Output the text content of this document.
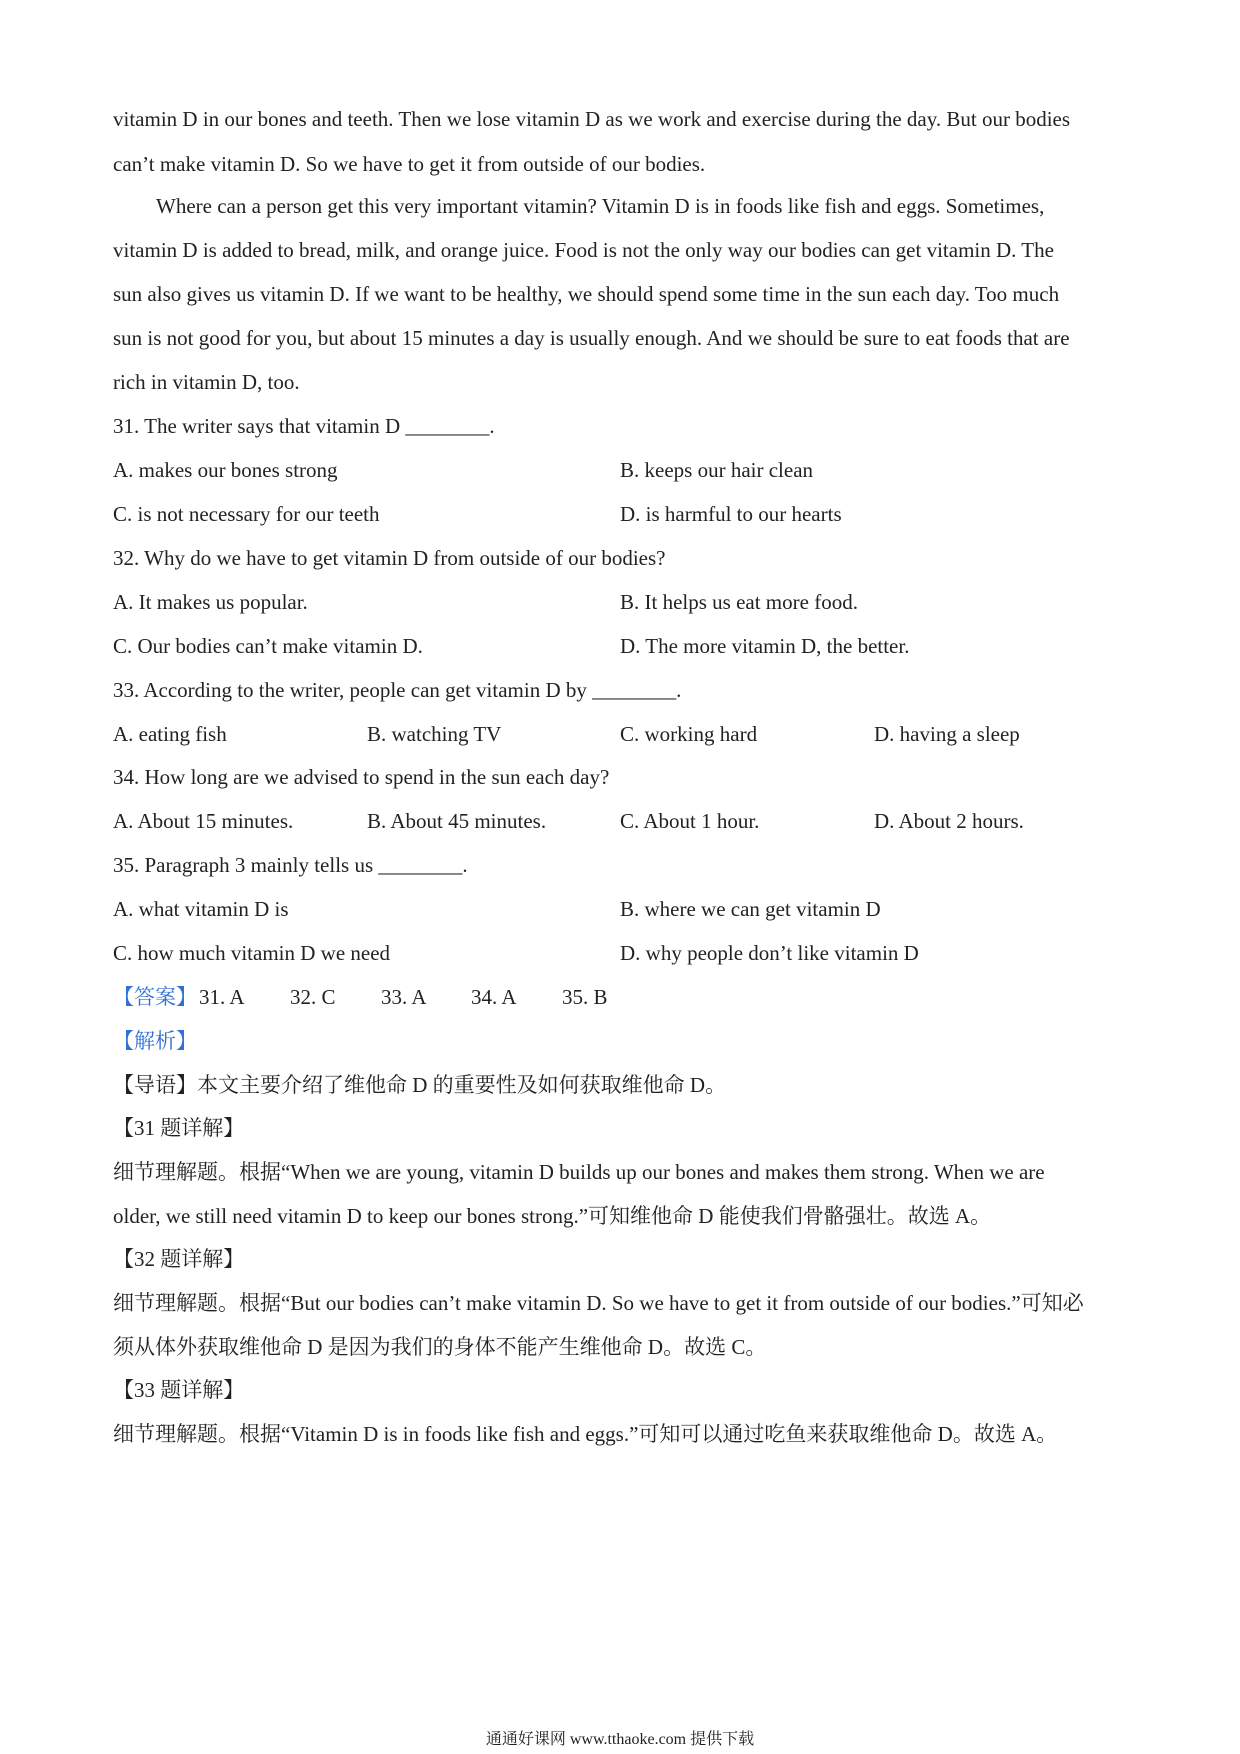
vitamin D in our bones and teeth. Then we lose vitamin D as we work and exercise during the day. But our bodies
can’t make vitamin D. So we have to get it from outside of our bodies.
Where can a person get this very important vitamin? Vitamin D is in foods like fish and eggs. Sometimes,
vitamin D is added to bread, milk, and orange juice. Food is not the only way our bodies can get vitamin D. The
sun also gives us vitamin D. If we want to be healthy, we should spend some time in the sun each day. Too much
sun is not good for you, but about 15 minutes a day is usually enough. And we should be sure to eat foods that are
rich in vitamin D, too.
31. The writer says that vitamin D ________.
A. makes our bones strong	B. keeps our hair clean
C. is not necessary for our teeth	D. is harmful to our hearts
32. Why do we have to get vitamin D from outside of our bodies?
A. It makes us popular.	B. It helps us eat more food.
C. Our bodies can’t make vitamin D.	D. The more vitamin D, the better.
33. According to the writer, people can get vitamin D by ________.
A. eating fish	B. watching TV	C. working hard	D. having a sleep
34. How long are we advised to spend in the sun each day?
A. About 15 minutes.	B. About 45 minutes.	C. About 1 hour.	D. About 2 hours.
35. Paragraph 3 mainly tells us ________.
A. what vitamin D is	B. where we can get vitamin D
C. how much vitamin D we need	D. why people don’t like vitamin D
【答案】 31. A 32. C 33. A 34. A 35. B
【解析】
【导语】本文主要介绍了维他命 D 的重要性及如何获取维他命 D。
【31 题详解】
细节理解题。根据“When we are young, vitamin D builds up our bones and makes them strong. When we are
older, we still need vitamin D to keep our bones strong.”可知维他命 D 能使我们骨骼强壮。故选 A。
【32 题详解】
细节理解题。根据“But our bodies can’t make vitamin D. So we have to get it from outside of our bodies.”可知必
须从体外获取维他命 D 是因为我们的身体不能产生维他命 D。故选 C。
【33 题详解】
细节理解题。根据“Vitamin D is in foods like fish and eggs.”可知可以通过吃鱼来获取维他命 D。故选 A。
通通好课网 www.tthaoke.com 提供下载
